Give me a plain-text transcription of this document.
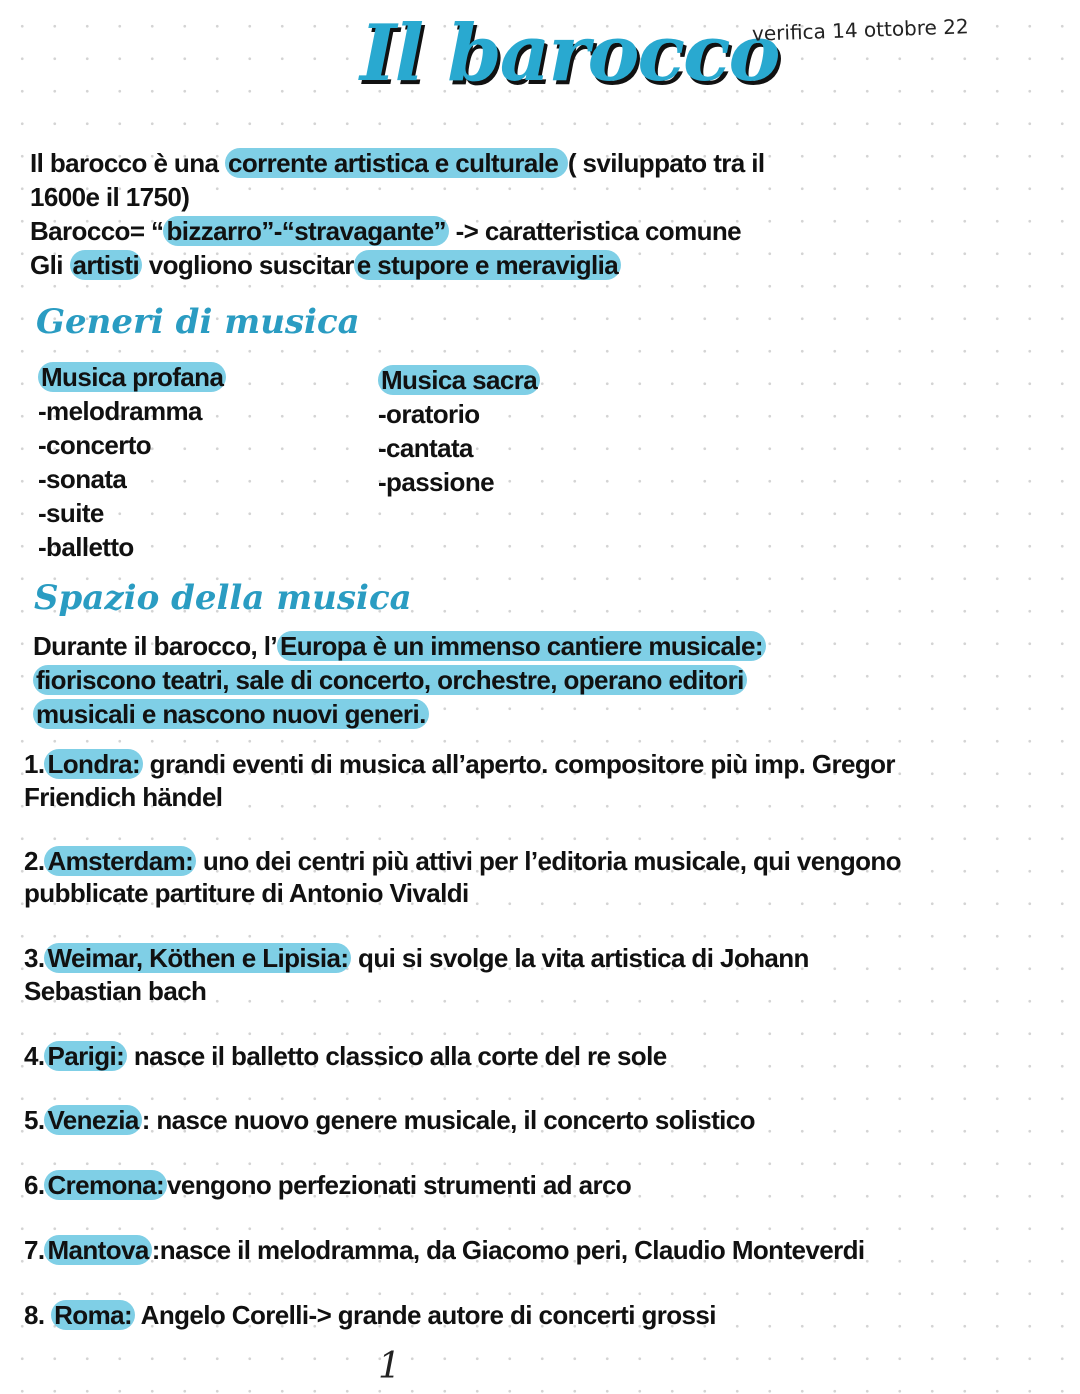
Il barocco
verifica 14 ottobre 22
Generi di musica
Spazio della musica
Il barocco è una corrente artistica e culturale ( sviluppato tra il
1600e il 1750)
Barocco= “ bizzarro”-“stravagante” -> caratteristica comune
Gli artisti vogliono suscitar e stupore e meraviglia
Musica profana
-melodramma
-concerto
-sonata
-suite
-balletto
Musica sacra
-oratorio
-cantata
-passione
Durante il barocco, l’ Europa è un immenso cantiere musicale:
fioriscono teatri, sale di concerto, orchestre, operano editori
musicali e nascono nuovi generi.
1. Londra: grandi eventi di musica all’aperto. compositore più imp. Gregor
Friendich händel
2. Amsterdam: uno dei centri più attivi per l’editoria musicale, qui vengono
pubblicate partiture di Antonio Vivaldi
3. Weimar, Köthen e Lipisia: qui si svolge la vita artistica di Johann
Sebastian bach
4. Parigi: nasce il balletto classico alla corte del re sole
5. Venezia : nasce nuovo genere musicale, il concerto solistico
6. Cremona: vengono perfezionati strumenti ad arco
7. Mantova :nasce il melodramma, da Giacomo peri, Claudio Monteverdi
8. Roma: Angelo Corelli-> grande autore di concerti grossi
1
